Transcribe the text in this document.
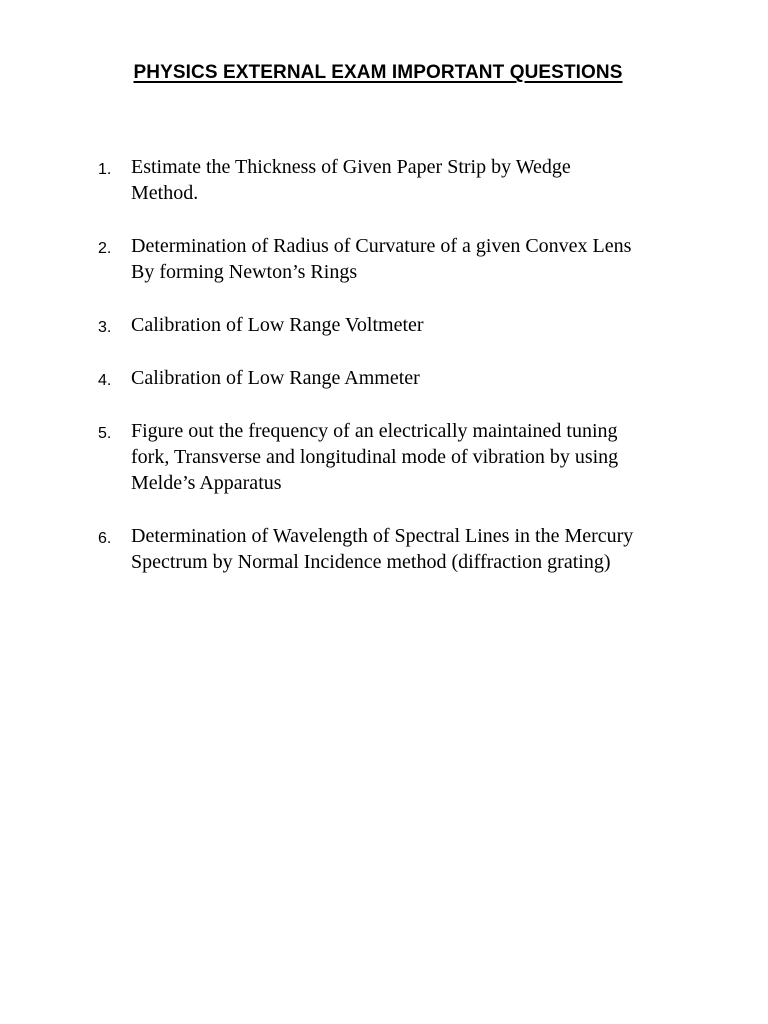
PHYSICS EXTERNAL EXAM IMPORTANT QUESTIONS
1. Estimate the Thickness of Given Paper Strip by Wedge
Method.
2. Determination of Radius of Curvature of a given Convex Lens
By forming Newton’s Rings
3. Calibration of Low Range Voltmeter
4. Calibration of Low Range Ammeter
5. Figure out the frequency of an electrically maintained tuning
fork, Transverse and longitudinal mode of vibration by using
Melde’s Apparatus
6. Determination of Wavelength of Spectral Lines in the Mercury
Spectrum by Normal Incidence method (diffraction grating)
